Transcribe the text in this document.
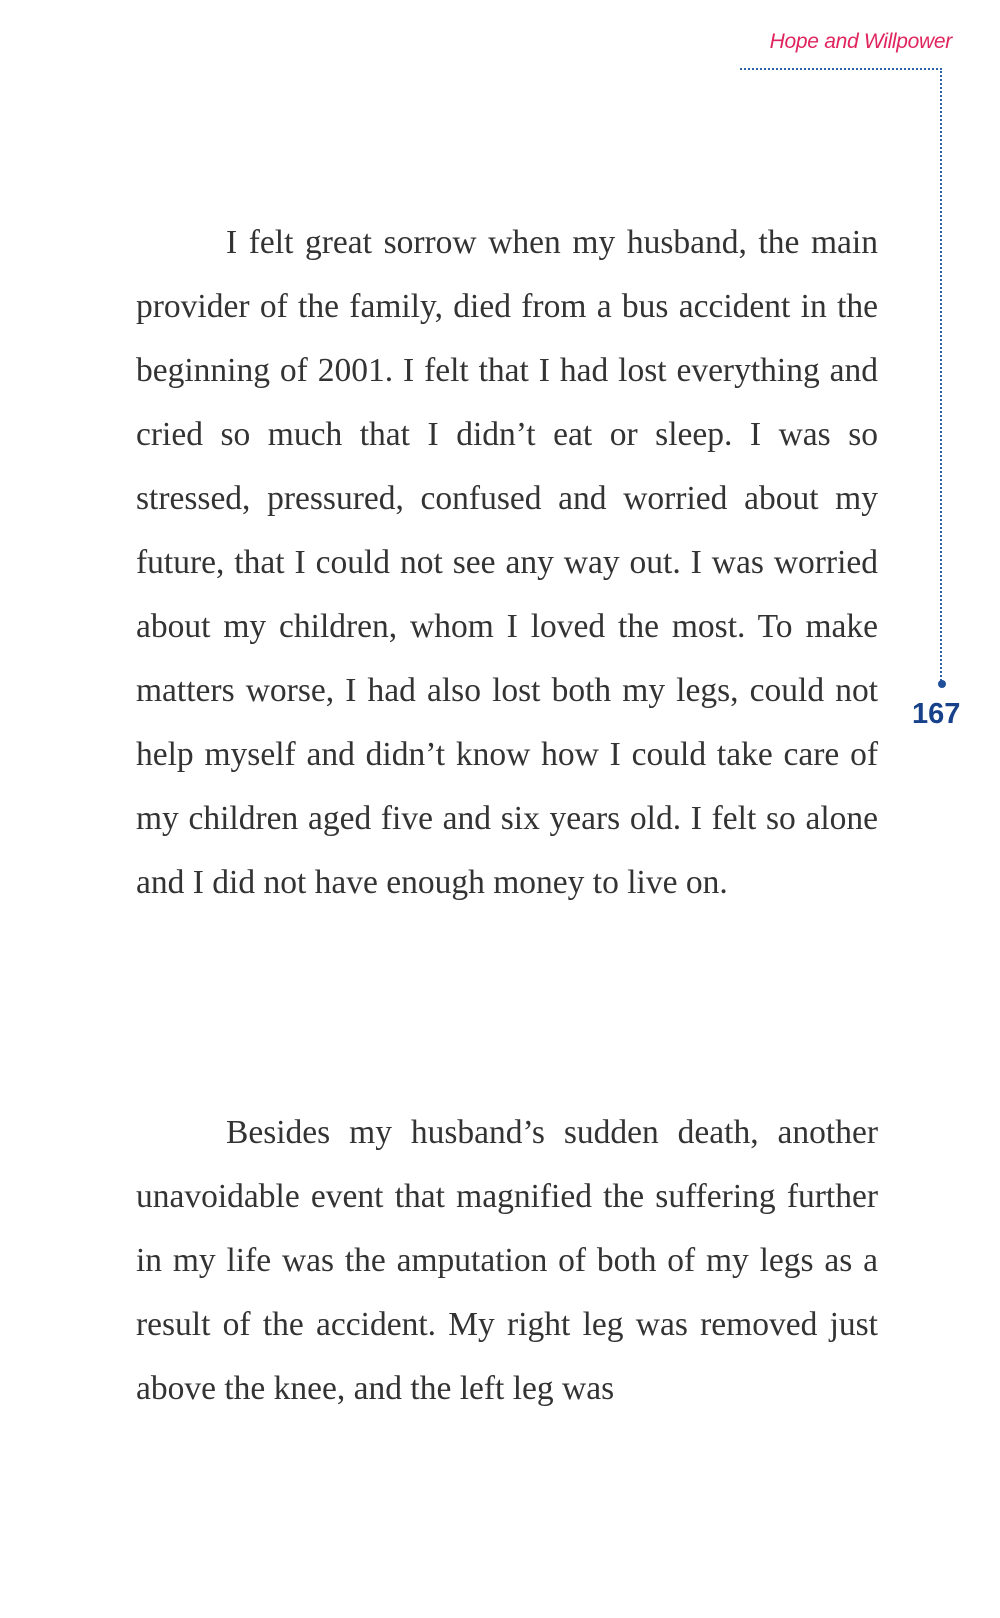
Hope and Willpower
167

I felt great sorrow when my husband, the main provider of the family, died from a bus accident in the beginning of 2001. I felt that I had lost everything and cried so much that I didn’t eat or sleep. I was so stressed, pressured, confused and worried about my future, that I could not see any way out. I was worried about my children, whom I loved the most. To make matters worse, I had also lost both my legs, could not help myself and didn’t know how I could take care of my children aged five and six years old. I felt so alone and I did not have enough money to live on.

Besides my husband’s sudden death, another unavoidable event that magnified the suffering further in my life was the amputation of both of my legs as a result of the accident. My right leg was removed just above the knee, and the left leg was
